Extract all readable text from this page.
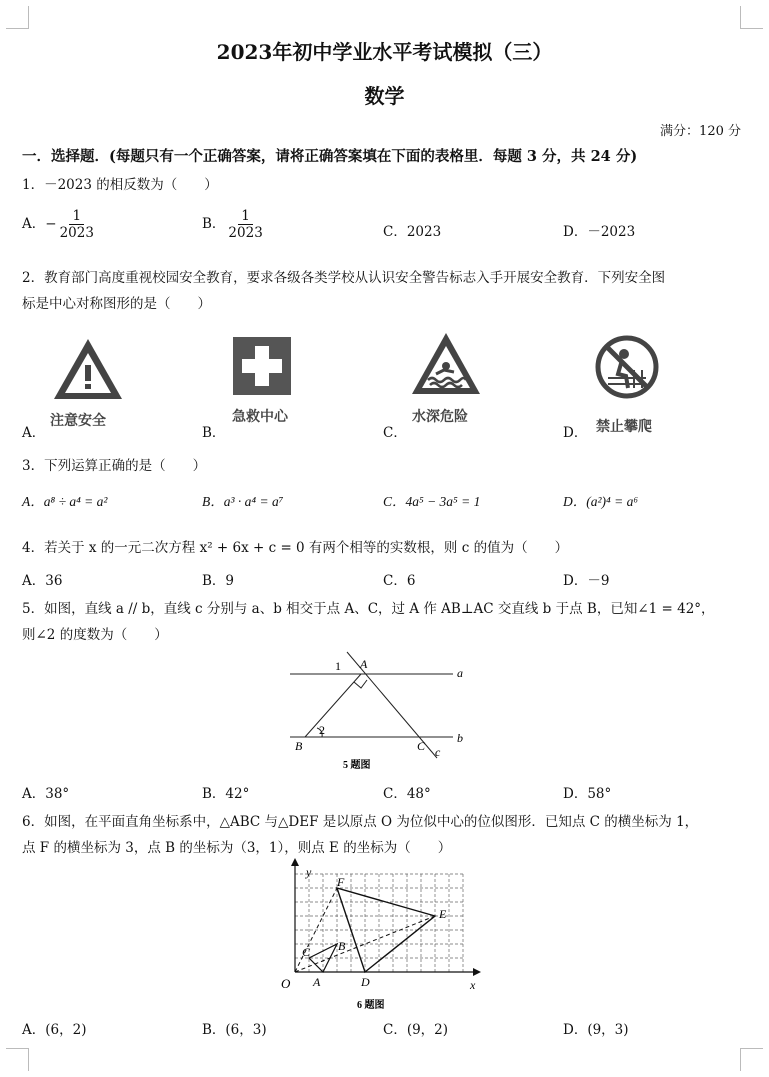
2023年初中学业水平考试模拟（三）
数学
满分：120 分
一．选择题．(每题只有一个正确答案，请将正确答案填在下面的表格里．每题 3 分，共 24 分)
1．－2023 的相反数为（　　）
A．− $\frac{1}{2023}$	B． $\frac{1}{2023}$	C．2023	D．－2023
2．教育部门高度重视校园安全教育，要求各级各类学校从认识安全警告标志入手开展安全教育．下列安全图
标是中心对称图形的是（　　）
A．
注意安全
B．
急救中心
C．
水深危险
D． 禁止攀爬
3．下列运算正确的是（　　）
A．a⁸ ÷ a⁴ = a²	B．a³ · a⁴ = a⁷	C．4a⁵ − 3a⁵ = 1	D．(a²)⁴ = a⁶
4．若关于 x 的一元二次方程 x² + 6x + c = 0 有两个相等的实数根，则 c 的值为（　　）
A．36	B．9	C．6	D．－9
5．如图，直线 a // b，直线 c 分别与 a、b 相交于点 A、C，过 A 作 AB⊥AC 交直线 b 于点 B，已知∠1 = 42°，
则∠2 的度数为（　　）
1 A
a
2
B	C
b
c
5 题图
A．38°	B．42°	C．48°	D．58°
6．如图，在平面直角坐标系中，△ABC 与△DEF 是以原点 O 为位似中心的位似图形．已知点 C 的横坐标为 1，
点 F 的横坐标为 3，点 B 的坐标为（3，1），则点 E 的坐标为（　　）
y
x
O A
B
C
D
E
F
6 题图
A．(6，2)	B．(6，3)	C．(9，2)	D．(9，3)
